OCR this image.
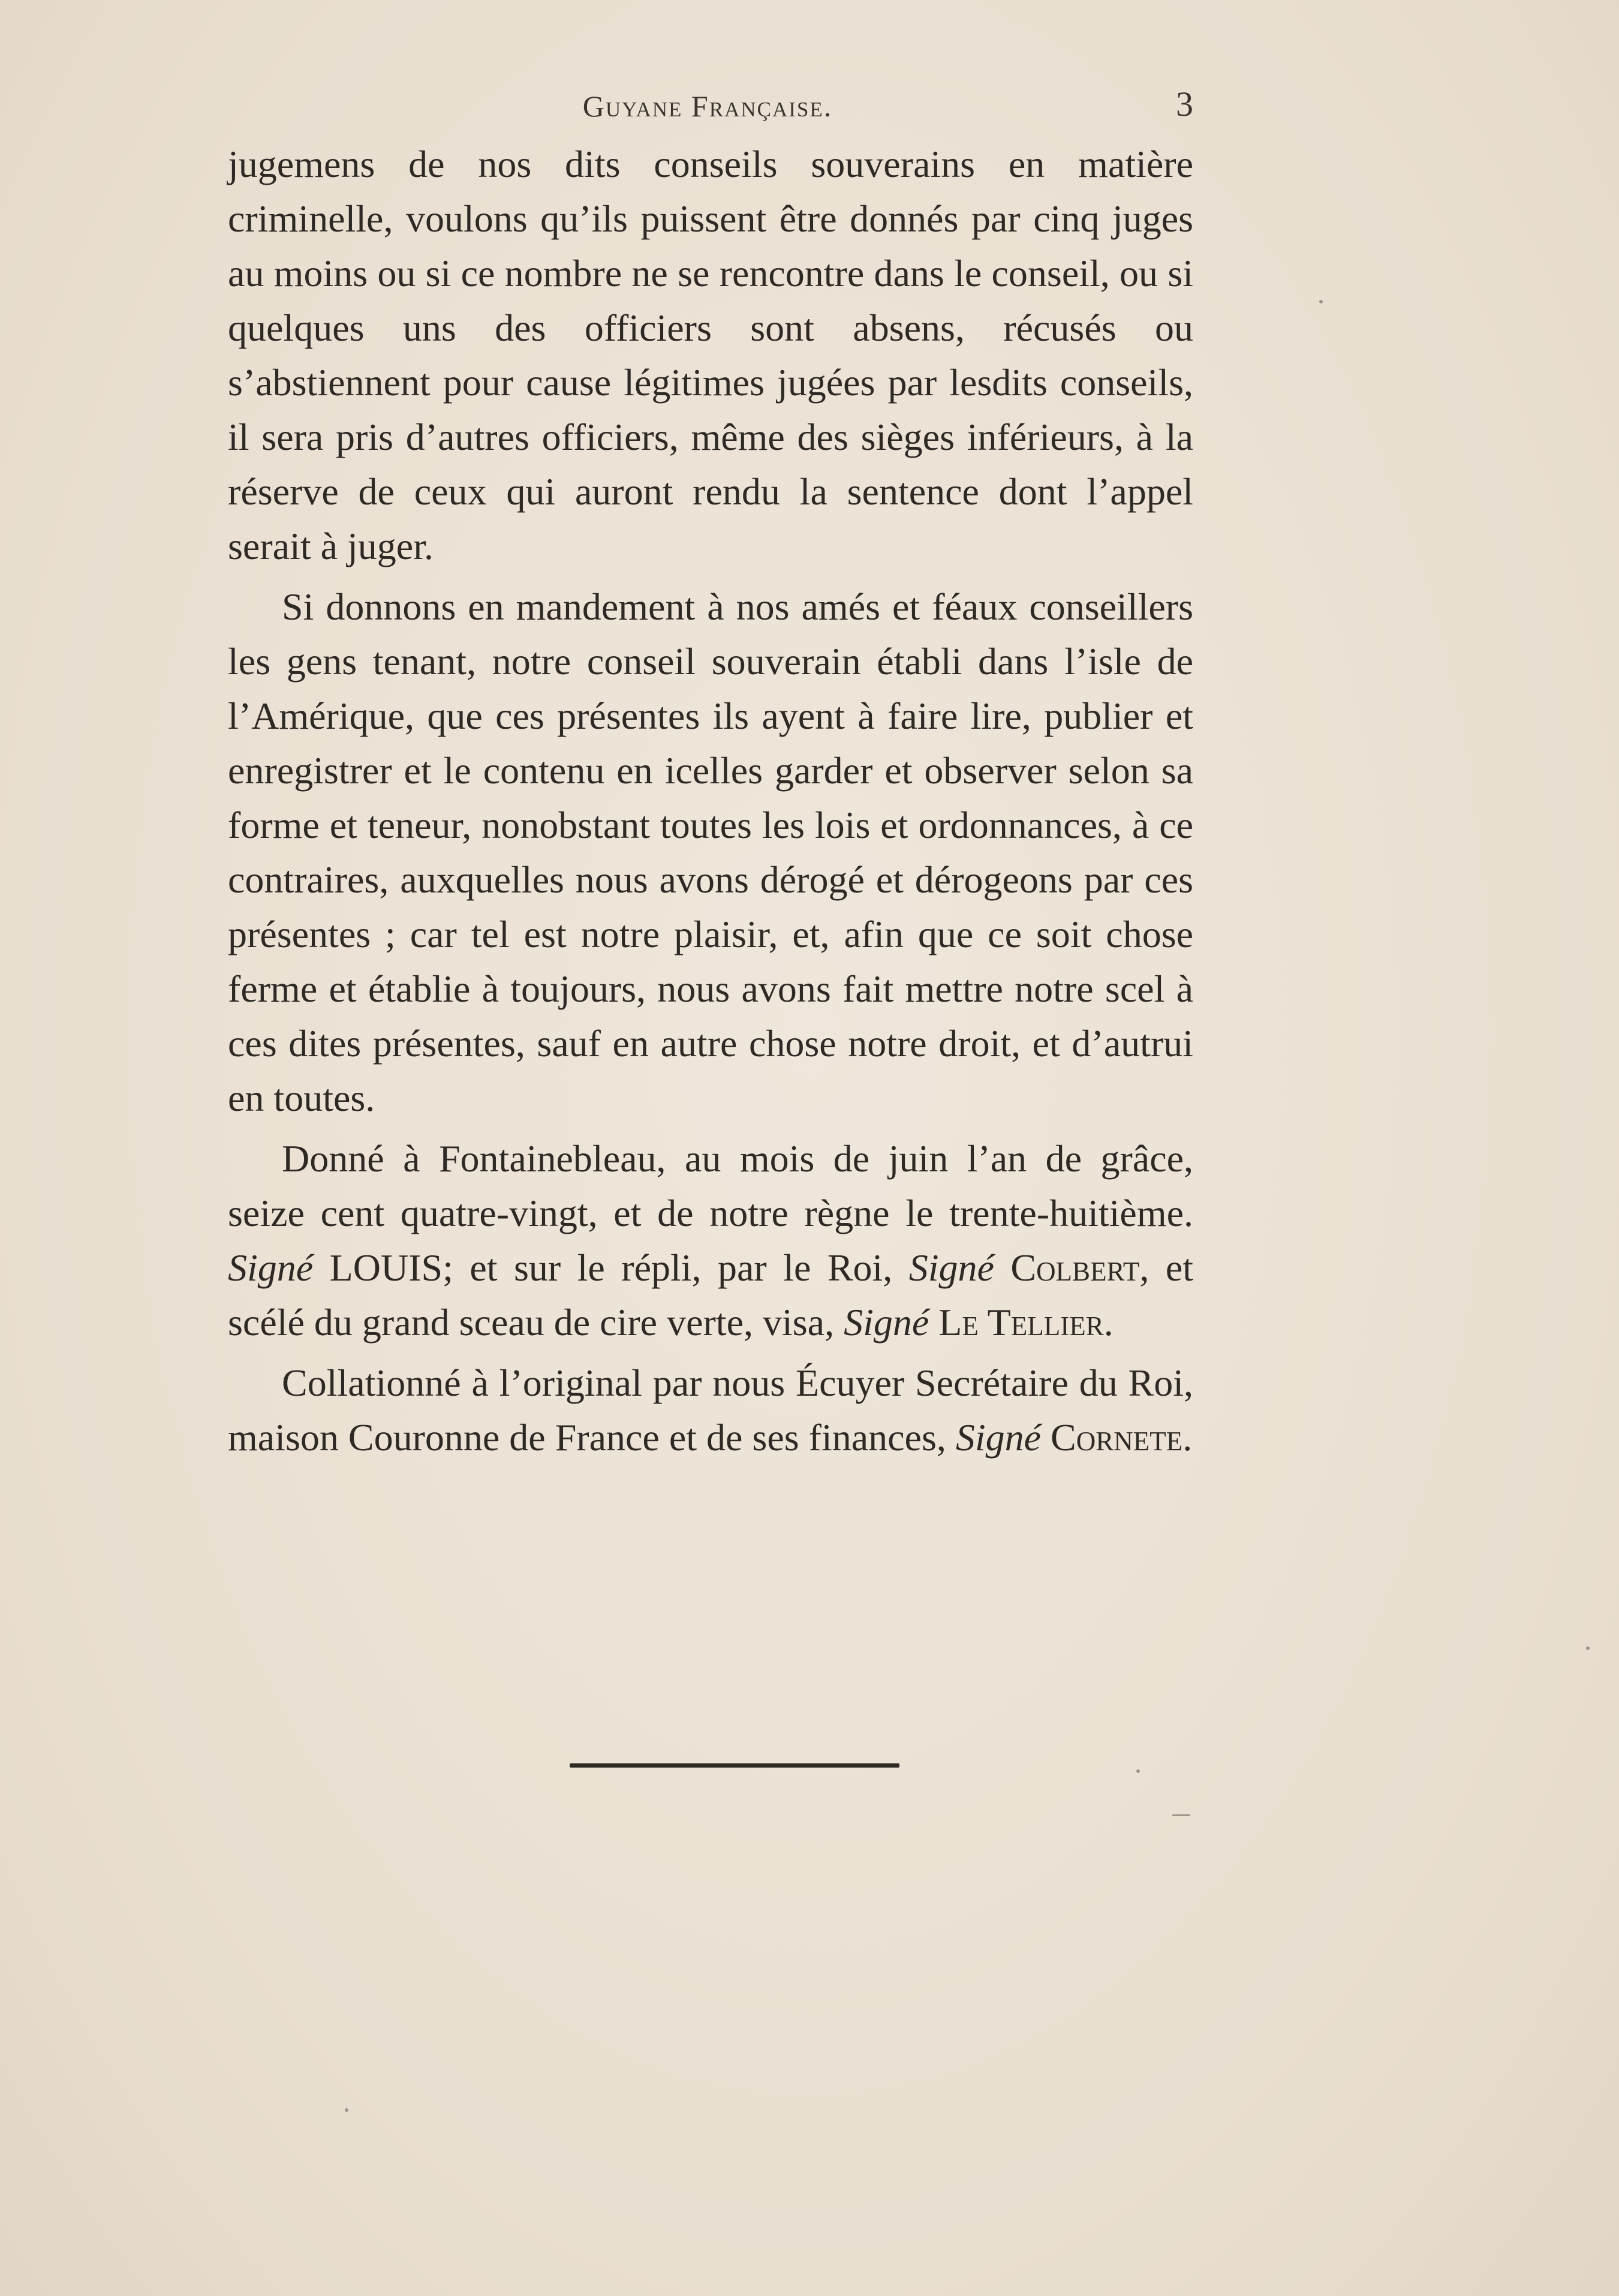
Guyane Française.	3

jugemens de nos dits conseils souverains en matière criminelle, voulons qu’ils puissent être donnés par cinq juges au moins ou si ce nombre ne se rencontre dans le conseil, ou si quelques uns des officiers sont absens, récusés ou s’abstiennent pour cause légitimes jugées par lesdits conseils, il sera pris d’autres officiers, même des sièges inférieurs, à la réserve de ceux qui auront rendu la sentence dont l’appel serait à juger.

Si donnons en mandement à nos amés et féaux conseillers les gens tenant, notre conseil souverain établi dans l’isle de l’Amérique, que ces présentes ils ayent à faire lire, publier et enregistrer et le contenu en icelles garder et observer selon sa forme et teneur, nonobstant toutes les lois et ordonnances, à ce contraires, auxquelles nous avons dérogé et dérogeons par ces présentes ; car tel est notre plaisir, et, afin que ce soit chose ferme et établie à toujours, nous avons fait mettre notre scel à ces dites présentes, sauf en autre chose notre droit, et d’autrui en toutes.

Donné à Fontainebleau, au mois de juin l’an de grâce, seize cent quatre-vingt, et de notre règne le trente-huitième. Signé LOUIS; et sur le répli, par le Roi, Signé Colbert, et scélé du grand sceau de cire verte, visa, Signé Le Tellier.

Collationné à l’original par nous Écuyer Secrétaire du Roi, maison Couronne de France et de ses finances, Signé Cornete.
